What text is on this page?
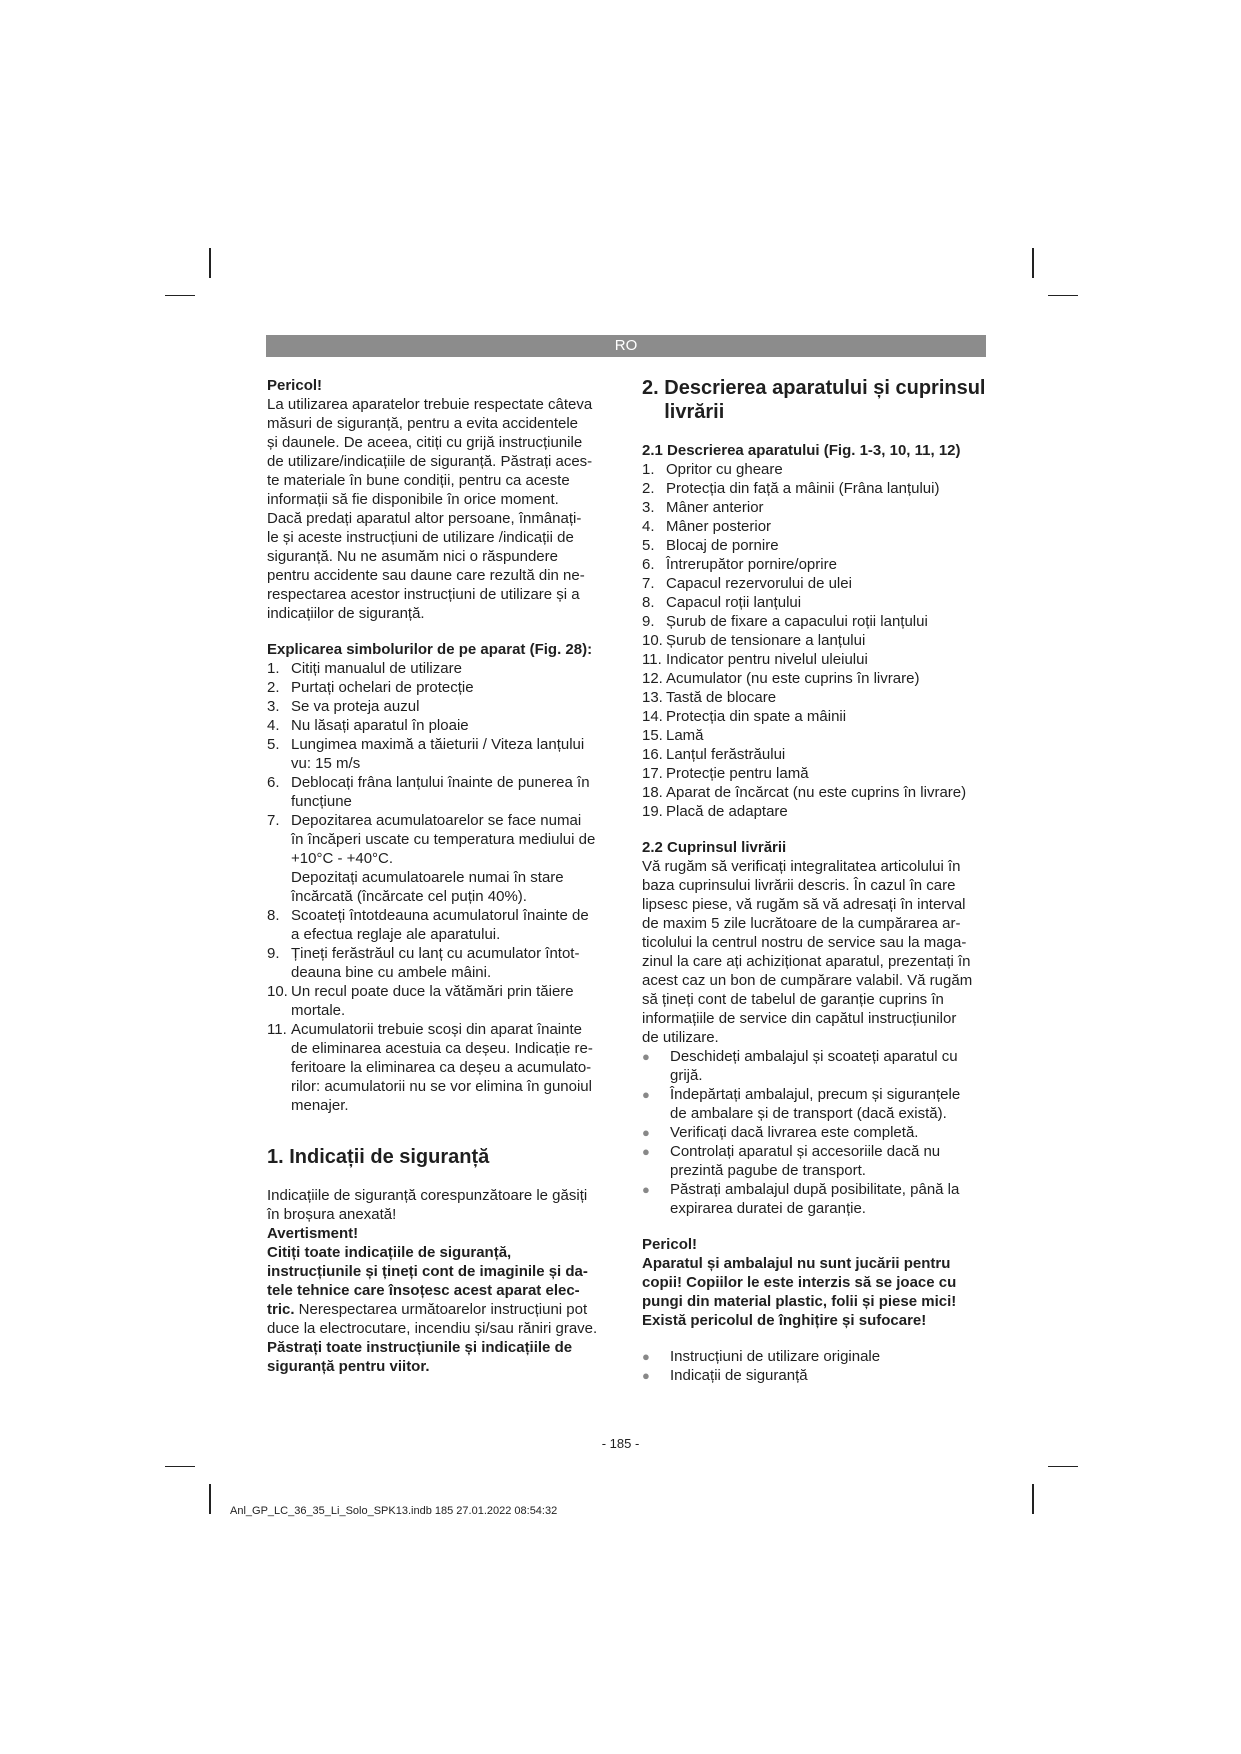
RO

Pericol!

La utilizarea aparatelor trebuie respectate câteva

măsuri de siguranță, pentru a evita accidentele

și daunele. De aceea, citiți cu grijă instrucțiunile

de utilizare/indicațiile de siguranță. Păstrați aces-

te materiale în bune condiții, pentru ca aceste

informații să fie disponibile în orice moment.

Dacă predați aparatul altor persoane, înmânați-

le și aceste instrucțiuni de utilizare /indicații de

siguranță. Nu ne asumăm nici o răspundere

pentru accidente sau daune care rezultă din ne-

respectarea acestor instrucțiuni de utilizare și a

indicațiilor de siguranță.

Explicarea simbolurilor de pe aparat (Fig. 28):

1. Citiți manualul de utilizare
2. Purtați ochelari de protecție
3. Se va proteja auzul
4. Nu lăsați aparatul în ploaie
5. Lungimea maximă a tăieturii / Viteza lanțului
vu: 15 m/s
6. Deblocați frâna lanțului înainte de punerea în
funcțiune
7. Depozitarea acumulatoarelor se face numai
în încăperi uscate cu temperatura mediului de
+10°C - +40°C.
Depozitați acumulatoarele numai în stare
încărcată (încărcate cel puțin 40%).
8. Scoateți întotdeauna acumulatorul înainte de
a efectua reglaje ale aparatului.
9. Țineți ferăstrăul cu lanț cu acumulator întot-
deauna bine cu ambele mâini.
10. Un recul poate duce la vătămări prin tăiere
mortale.
11. Acumulatorii trebuie scoși din aparat înainte
de eliminarea acestuia ca deșeu. Indicație re-
feritoare la eliminarea ca deșeu a acumulato-
rilor: acumulatorii nu se vor elimina în gunoiul
menajer.

1. Indicații de siguranță

Indicațiile de siguranță corespunzătoare le găsiți

în broșura anexată!

Avertisment!

Citiți toate indicațiile de siguranță,

instrucțiunile și țineți cont de imaginile și da-

tele tehnice care însoțesc acest aparat elec-

tric. Nerespectarea următoarelor instrucțiuni pot

duce la electrocutare, incendiu și/sau răniri grave.

Păstrați toate instrucțiunile și indicațiile de

siguranță pentru viitor.

2. Descrierea aparatului și cuprinsul
livrării

2.1 Descrierea aparatului (Fig. 1-3, 10, 11, 12)

1. Opritor cu gheare
2. Protecția din față a mâinii (Frâna lanțului)
3. Mâner anterior
4. Mâner posterior
5. Blocaj de pornire
6. Întrerupător pornire/oprire
7. Capacul rezervorului de ulei
8. Capacul roții lanțului
9. Șurub de fixare a capacului roții lanțului
10. Șurub de tensionare a lanțului
11. Indicator pentru nivelul uleiului
12. Acumulator (nu este cuprins în livrare)
13. Tastă de blocare
14. Protecția din spate a mâinii
15. Lamă
16. Lanțul ferăstrăului
17. Protecție pentru lamă
18. Aparat de încărcat (nu este cuprins în livrare)
19. Placă de adaptare

2.2 Cuprinsul livrării

Vă rugăm să verificați integralitatea articolului în

baza cuprinsului livrării descris. În cazul în care

lipsesc piese, vă rugăm să vă adresați în interval

de maxim 5 zile lucrătoare de la cumpărarea ar-

ticolului la centrul nostru de service sau la maga-

zinul la care ați achiziționat aparatul, prezentați în

acest caz un bon de cumpărare valabil. Vă rugăm

să țineți cont de tabelul de garanție cuprins în

informațiile de service din capătul instrucțiunilor

de utilizare.

●	Deschideți ambalajul și scoateți aparatul cu
grijă.
●	Îndepărtați ambalajul, precum și siguranțele
de ambalare și de transport (dacă există).
●	Verificați dacă livrarea este completă.
●	Controlați aparatul și accesoriile dacă nu
prezintă pagube de transport.
●	Păstrați ambalajul după posibilitate, până la
expirarea duratei de garanție.

Pericol!

Aparatul și ambalajul nu sunt jucării pentru

copii! Copiilor le este interzis să se joace cu

pungi din material plastic, folii și piese mici!

Există pericolul de înghițire și sufocare!

●	Instrucțiuni de utilizare originale
●	Indicații de siguranță
- 185 -
Anl_GP_LC_36_35_Li_Solo_SPK13.indb 185 27.01.2022 08:54:32
